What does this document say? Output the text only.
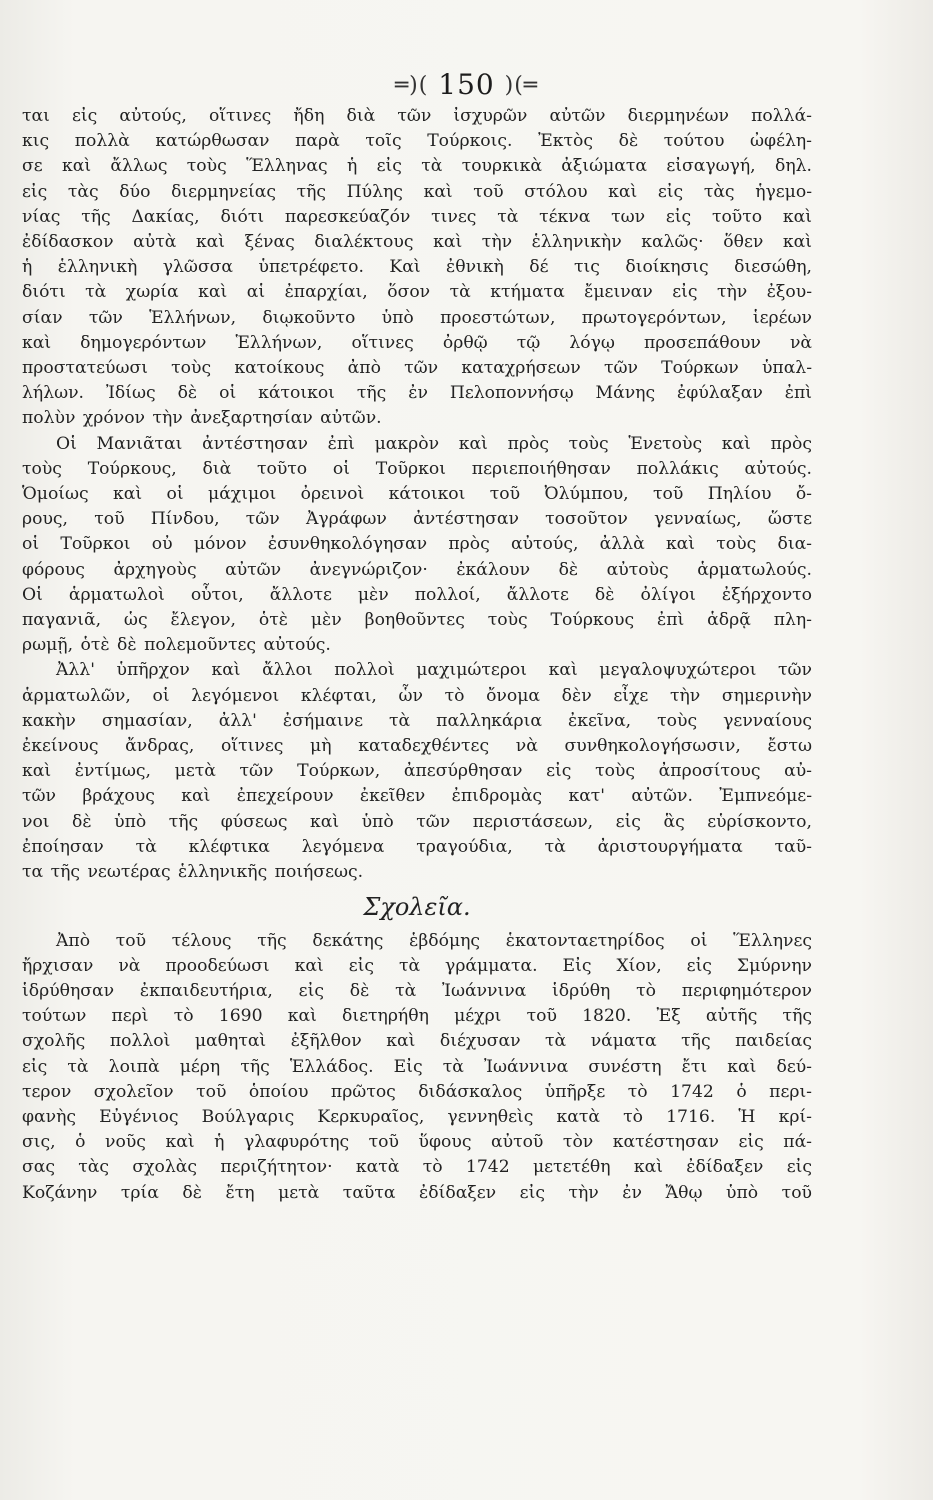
═)( 150 )(═
ται εἰς αὐτούς, οἵτινες ἤδη διὰ τῶν ἰσχυρῶν αὐτῶν διερμηνέων πολλά-
κις πολλὰ κατώρθωσαν παρὰ τοῖς Τούρκοις. Ἐκτὸς δὲ τούτου ὠφέλη-
σε καὶ ἄλλως τοὺς Ἕλληνας ἡ εἰς τὰ τουρκικὰ ἀξιώματα εἰσαγωγή, δηλ.
εἰς τὰς δύο διερμηνείας τῆς Πύλης καὶ τοῦ στόλου καὶ εἰς τὰς ἡγεμο-
νίας τῆς Δακίας, διότι παρεσκεύαζόν τινες τὰ τέκνα των εἰς τοῦτο καὶ
ἐδίδασκον αὐτὰ καὶ ξένας διαλέκτους καὶ τὴν ἑλληνικὴν καλῶς· ὅθεν καὶ
ἡ ἑλληνικὴ γλῶσσα ὑπετρέφετο. Καὶ ἐθνικὴ δέ τις διοίκησις διεσώθη,
διότι τὰ χωρία καὶ αἱ ἐπαρχίαι, ὅσον τὰ κτήματα ἔμειναν εἰς τὴν ἐξου-
σίαν τῶν Ἑλλήνων, διῳκοῦντο ὑπὸ προεστώτων, πρωτογερόντων, ἱερέων
καὶ δημογερόντων Ἑλλήνων, οἵτινες ὀρθῷ τῷ λόγῳ προσεπάθουν νὰ
προστατεύωσι τοὺς κατοίκους ἀπὸ τῶν καταχρήσεων τῶν Τούρκων ὑπαλ-
λήλων. Ἰδίως δὲ οἱ κάτοικοι τῆς ἐν Πελοποννήσῳ Μάνης ἐφύλαξαν ἐπὶ
πολὺν χρόνον τὴν ἀνεξαρτησίαν αὐτῶν.
Οἱ Μανιᾶται ἀντέστησαν ἐπὶ μακρὸν καὶ πρὸς τοὺς Ἑνετοὺς καὶ πρὸς
τοὺς Τούρκους, διὰ τοῦτο οἱ Τοῦρκοι περιεποιήθησαν πολλάκις αὐτούς.
Ὁμοίως καὶ οἱ μάχιμοι ὀρεινοὶ κάτοικοι τοῦ Ὀλύμπου, τοῦ Πηλίου ὄ-
ρους, τοῦ Πίνδου, τῶν Ἀγράφων ἀντέστησαν τοσοῦτον γενναίως, ὥστε
οἱ Τοῦρκοι οὐ μόνον ἐσυνθηκολόγησαν πρὸς αὐτούς, ἀλλὰ καὶ τοὺς δια-
φόρους ἀρχηγοὺς αὐτῶν ἀνεγνώριζον· ἐκάλουν δὲ αὐτοὺς ἁρματωλούς.
Οἱ ἁρματωλοὶ οὗτοι, ἄλλοτε μὲν πολλοί, ἄλλοτε δὲ ὀλίγοι ἐξήρχοντο
παγανιᾶ, ὡς ἔλεγον, ὁτὲ μὲν βοηθοῦντες τοὺς Τούρκους ἐπὶ ἁδρᾷ πλη-
ρωμῇ, ὁτὲ δὲ πολεμοῦντες αὐτούς.
Ἀλλ' ὑπῆρχον καὶ ἄλλοι πολλοὶ μαχιμώτεροι καὶ μεγαλοψυχώτεροι τῶν
ἁρματωλῶν, οἱ λεγόμενοι κλέφται, ὧν τὸ ὄνομα δὲν εἶχε τὴν σημερινὴν
κακὴν σημασίαν, ἀλλ' ἐσήμαινε τὰ παλληκάρια ἐκεῖνα, τοὺς γενναίους
ἐκείνους ἄνδρας, οἵτινες μὴ καταδεχθέντες νὰ συνθηκολογήσωσιν, ἔστω
καὶ ἐντίμως, μετὰ τῶν Τούρκων, ἀπεσύρθησαν εἰς τοὺς ἀπροσίτους αὐ-
τῶν βράχους καὶ ἐπεχείρουν ἐκεῖθεν ἐπιδρομὰς κατ' αὐτῶν. Ἐμπνεόμε-
νοι δὲ ὑπὸ τῆς φύσεως καὶ ὑπὸ τῶν περιστάσεων, εἰς ἃς εὑρίσκοντο,
ἐποίησαν τὰ κλέφτικα λεγόμενα τραγούδια, τὰ ἀριστουργήματα ταῦ-
τα τῆς νεωτέρας ἑλληνικῆς ποιήσεως.
Σχολεῖα.
Ἀπὸ τοῦ τέλους τῆς δεκάτης ἑβδόμης ἑκατονταετηρίδος οἱ Ἕλληνες
ἤρχισαν νὰ προοδεύωσι καὶ εἰς τὰ γράμματα. Εἰς Χίον, εἰς Σμύρνην
ἱδρύθησαν ἐκπαιδευτήρια, εἰς δὲ τὰ Ἰωάννινα ἱδρύθη τὸ περιφημότερον
τούτων περὶ τὸ 1690 καὶ διετηρήθη μέχρι τοῦ 1820. Ἐξ αὐτῆς τῆς
σχολῆς πολλοὶ μαθηταὶ ἐξῆλθον καὶ διέχυσαν τὰ νάματα τῆς παιδείας
εἰς τὰ λοιπὰ μέρη τῆς Ἑλλάδος. Εἰς τὰ Ἰωάννινα συνέστη ἔτι καὶ δεύ-
τερον σχολεῖον τοῦ ὁποίου πρῶτος διδάσκαλος ὑπῆρξε τὸ 1742 ὁ περι-
φανὴς Εὐγένιος Βούλγαρις Κερκυραῖος, γεννηθεὶς κατὰ τὸ 1716. Ἡ κρί-
σις, ὁ νοῦς καὶ ἡ γλαφυρότης τοῦ ὕφους αὐτοῦ τὸν κατέστησαν εἰς πά-
σας τὰς σχολὰς περιζήτητον· κατὰ τὸ 1742 μετετέθη καὶ ἐδίδαξεν εἰς
Κοζάνην τρία δὲ ἔτη μετὰ ταῦτα ἐδίδαξεν εἰς τὴν ἐν Ἄθῳ ὑπὸ τοῦ
